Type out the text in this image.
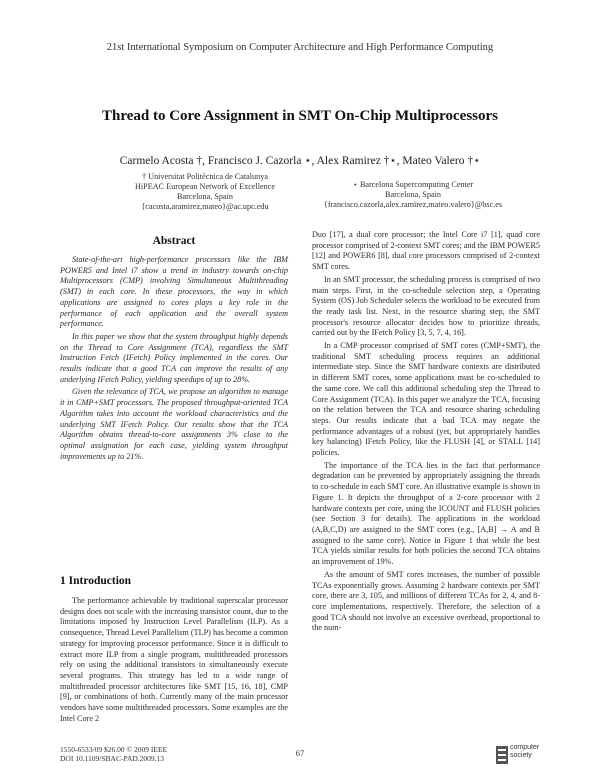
21st International Symposium on Computer Architecture and High Performance Computing
Thread to Core Assignment in SMT On-Chip Multiprocessors
Carmelo Acosta †, Francisco J. Cazorla ⋆, Alex Ramirez †⋆, Mateo Valero †⋆
† Universitat Politècnica de Catalunya
HiPEAC European Network of Excellence
Barcelona, Spain
{cacosta,aramirez,mateo}@ac.upc.edu
⋆ Barcelona Supercomputing Center
Barcelona, Spain
{francisco.cazorla,alex.ramirez,mateo.valero}@bsc.es
Abstract

State-of-the-art high-performance processors like the IBM POWER5 and Intel i7 show a trend in industry towards on-chip Multiprocessors (CMP) involving Simultaneous Multithreading (SMT) in each core. In these processors, the way in which applications are assigned to cores plays a key role in the performance of each application and the overall system performance.

In this paper we show that the system throughput highly depends on the Thread to Core Assignment (TCA), regardless the SMT Instruction Fetch (IFetch) Policy implemented in the cores. Our results indicate that a good TCA can improve the results of any underlying IFetch Policy, yielding speedups of up to 28%.

Given the relevance of TCA, we propose an algorithm to manage it in CMP+SMT processors. The proposed throughput-oriented TCA Algorithm takes into account the workload characteristics and the underlying SMT IFetch Policy. Our results show that the TCA Algorithm obtains thread-to-core assignments 3% close to the optimal assignation for each case, yielding system throughput improvements up to 21%.

1 Introduction

The performance achievable by traditional superscalar processor designs does not scale with the increasing transistor count, due to the limitations imposed by Instruction Level Parallelism (ILP). As a consequence, Thread Level Parallelism (TLP) has become a common strategy for improving processor performance. Since it is difficult to extract more ILP from a single program, multithreaded processors rely on using the additional transistors to simultaneously execute several programs. This strategy has led to a wide range of multithreaded processor architectures like SMT [15, 16, 18], CMP [9], or combinations of both. Currently many of the main processor vendors have some multithreaded processors. Some examples are the Intel Core 2

Duo [17], a dual core processor; the Intel Core i7 [1], quad core processor comprised of 2-context SMT cores; and the IBM POWER5 [12] and POWER6 [8], dual core processors comprised of 2-context SMT cores.

In an SMT processor, the scheduling process is comprised of two main steps. First, in the co-schedule selection step, a Operating System (OS) Job Scheduler selects the workload to be executed from the ready task list. Next, in the resource sharing step, the SMT processor's resource allocator decides how to prioritize threads, carried out by the IFetch Policy [3, 5, 7, 4, 16].

In a CMP processor comprised of SMT cores (CMP+SMT), the traditional SMT scheduling process requires an additional intermediate step. Since the SMT hardware contexts are distributed in different SMT cores, some applications must be co-scheduled to the same core. We call this additional scheduling step the Thread to Core Assignment (TCA). In this paper we analyze the TCA, focusing on the relation between the TCA and resource sharing scheduling steps. Our results indicate that a bad TCA may negate the performance advantages of a robust (yet, but appropriately handles key balancing) IFetch Policy, like the FLUSH [4], or STALL [14] policies.

The importance of the TCA lies in the fact that performance degradation can be prevented by appropriately assigning the threads to co-schedule in each SMT core. An illustrative example is shown in Figure 1. It depicts the throughput of a 2-core processor with 2 hardware contexts per core, using the ICOUNT and FLUSH policies (see Section 3 for details). The applications in the workload (A,B,C,D) are assigned to the SMT cores (e.g., [A,B] → A and B assigned to the same core). Notice in Figure 1 that while the best TCA yields similar results for both policies the second TCA obtains an improvement of 19%.

As the amount of SMT cores increases, the number of possible TCAs exponentially grows. Assuming 2 hardware contexts per SMT core, there are 3, 105, and millions of different TCAs for 2, 4, and 8-core implementations, respectively. Therefore, the selection of a good TCA should not involve an excessive overhead, proportional to the num-

1550-6533/09 $26.00 © 2009 IEEE
DOI 10.1109/SBAC-PAD.2009.13
67
computer
society
